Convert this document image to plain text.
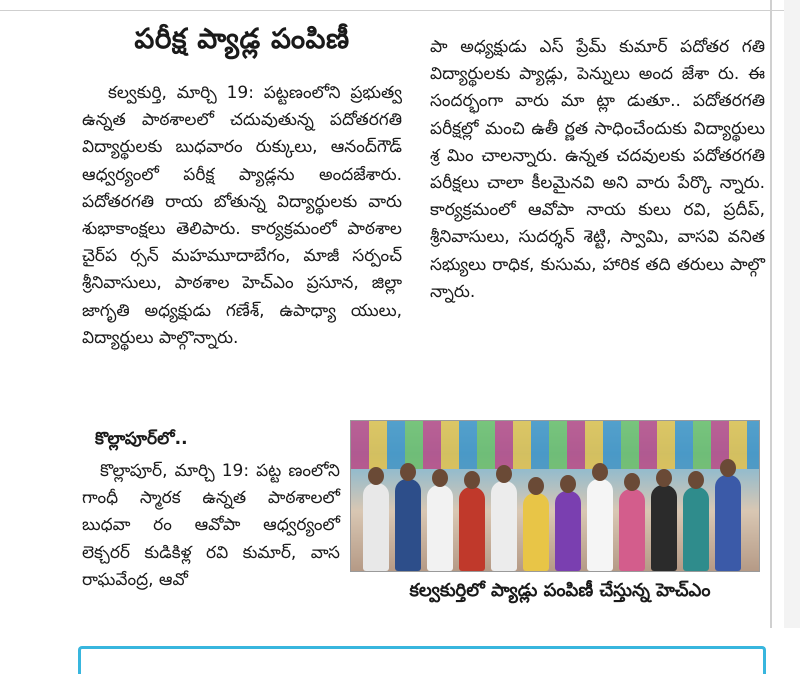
పరీక్ష ప్యాడ్ల పంపిణీ

కల్వకుర్తి, మార్చి 19: పట్టణంలోని ప్రభుత్వ ఉన్నత పాఠశాలలో చదువుతున్న పదోతరగతి విద్యార్థులకు బుధవారం రుక్కులు, ఆనంద్‌గౌడ్ ఆధ్వర్యంలో పరీక్ష ప్యాడ్లను అందజేశారు. పదోతరగతి రాయ బోతున్న విద్యార్థులకు వారు శుభాకాంక్షలు తెలిపారు. కార్యక్రమంలో పాఠశాల చైర్‌ప ర్సన్ మహమూదాబేగం, మాజీ సర్పంచ్ శ్రీనివాసులు, పాఠశాల హెచ్‌ఎం ప్రసూన, జిల్లా జాగృతి అధ్యక్షుడు గణేశ్, ఉపాధ్యా యులు, విద్యార్థులు పాల్గొన్నారు.

పా అధ్యక్షుడు ఎస్ ప్రేమ్ కుమార్ పదోతర గతి విద్యార్థులకు ప్యాడ్లు, పెన్నులు అంద జేశా రు. ఈ సందర్భంగా వారు మా ట్లా డుతూ.. పదోతరగతి పరీక్షల్లో మంచి ఉతీ ర్ణత సాధించేందుకు విద్యార్థులు శ్ర మిం చాలన్నారు. ఉన్నత చదవులకు పదోతరగతి పరీక్షలు చాలా కీలమైనవి అని వారు పేర్కొ న్నారు. కార్యక్రమంలో ఆవోపా నాయ కులు రవి, ప్రదీప్, శ్రీనివాసులు, సుదర్శన్ శెట్టి, స్వామి, వాసవి వనిత సభ్యులు రాధిక, కుసుమ, హారిక తది తరులు పాల్గొ న్నారు.

కొల్లాపూర్‌లో..

కొల్లాపూర్, మార్చి 19: పట్ట ణంలోని గాంధీ స్మారక ఉన్నత పాఠశాలలో బుధవా రం ఆవోపా ఆధ్వర్యంలో లెక్చరర్ కుడికిళ్ల రవి కుమార్, వాస రాఘవేంద్ర, ఆవో

కల్వకుర్తిలో ప్యాడ్లు పంపిణీ చేస్తున్న హెచ్‌ఎం
